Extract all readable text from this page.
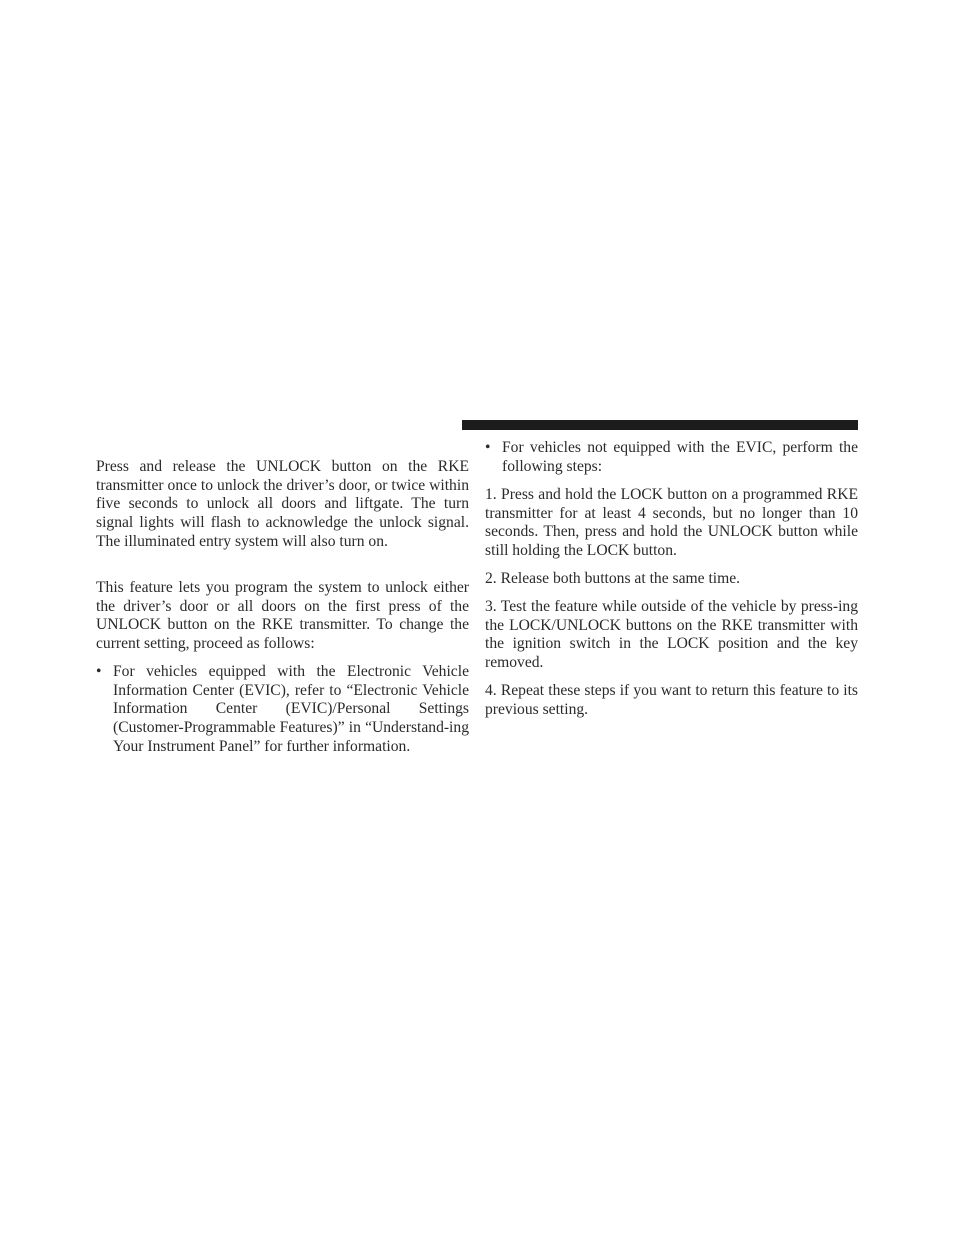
Press and release the UNLOCK button on the RKE transmitter once to unlock the driver’s door, or twice within five seconds to unlock all doors and liftgate. The turn signal lights will flash to acknowledge the unlock signal. The illuminated entry system will also turn on.

This feature lets you program the system to unlock either the driver’s door or all doors on the first press of the UNLOCK button on the RKE transmitter. To change the current setting, proceed as follows:

• For vehicles equipped with the Electronic Vehicle Information Center (EVIC), refer to “Electronic Vehicle Information Center (EVIC)/Personal Settings (Customer-Programmable Features)” in “Understand-ing Your Instrument Panel” for further information.

• For vehicles not equipped with the EVIC, perform the following steps:

1. Press and hold the LOCK button on a programmed RKE transmitter for at least 4 seconds, but no longer than 10 seconds. Then, press and hold the UNLOCK button while still holding the LOCK button.

2. Release both buttons at the same time.

3. Test the feature while outside of the vehicle by press-ing the LOCK/UNLOCK buttons on the RKE transmitter with the ignition switch in the LOCK position and the key removed.

4. Repeat these steps if you want to return this feature to its previous setting.
